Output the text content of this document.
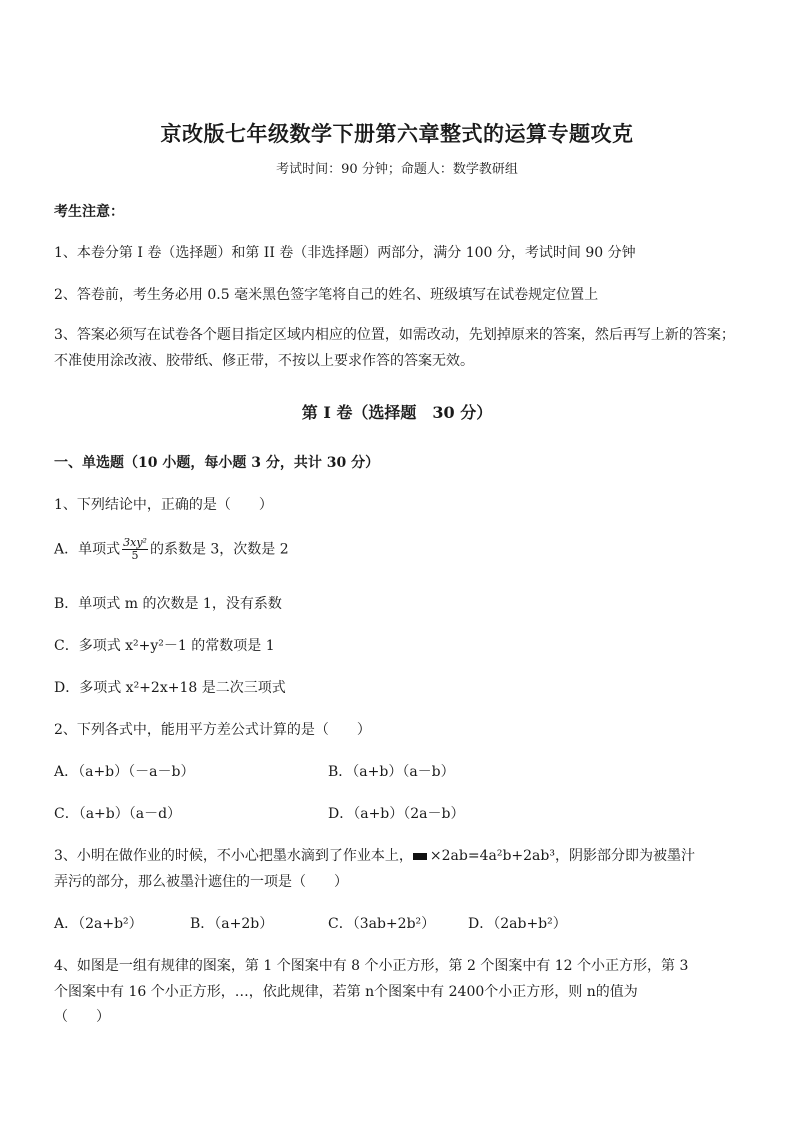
京改版七年级数学下册第六章整式的运算专题攻克
考试时间：90 分钟；命题人：数学教研组
考生注意：
1、本卷分第 I 卷（选择题）和第 II 卷（非选择题）两部分，满分 100 分，考试时间 90 分钟
2、答卷前，考生务必用 0.5 毫米黑色签字笔将自己的姓名、班级填写在试卷规定位置上
3、答案必须写在试卷各个题目指定区域内相应的位置，如需改动，先划掉原来的答案，然后再写上新的答案；不准使用涂改液、胶带纸、修正带，不按以上要求作答的答案无效。
第 I 卷（选择题　30 分）
一、单选题（10 小题，每小题 3 分，共计 30 分）
1、下列结论中，正确的是（　　）
A．单项式 $\frac{\text{3xy²}}{5}$ 的系数是 3，次数是 2
B．单项式 m 的次数是 1，没有系数
C．多项式 x²+y²－1 的常数项是 1
D．多项式 x²+2x+18 是二次三项式
2、下列各式中，能用平方差公式计算的是（　　）
A．（a+b）（－a－b）	B．（a+b）（a－b）
C．（a+b）（a－d）	D．（a+b）（2a－b）
3、小明在做作业的时候，不小心把墨水滴到了作业本上， ×2ab=4a²b+2ab³，阴影部分即为被墨汁
弄污的部分，那么被墨汁遮住的一项是（　　）
A．（2a+b²）	B．（a+2b）	C．（3ab+2b²） D．（2ab+b²）
4、如图是一组有规律的图案，第 1 个图案中有 8 个小正方形，第 2 个图案中有 12 个小正方形，第 3
个图案中有 16 个小正方形，…，依此规律，若第 n个图案中有 2400个小正方形，则 n的值为
（　　）
